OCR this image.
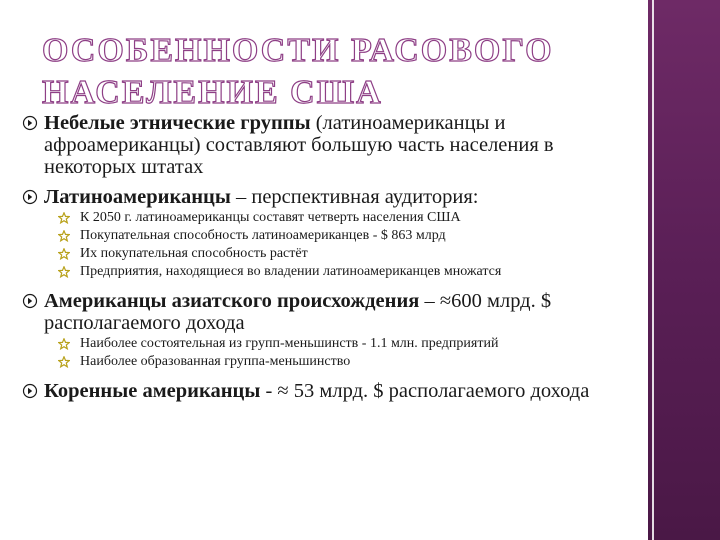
ОСОБЕННОСТИ РАСОВОГО НАСЕЛЕНИЕ США
Небелые этнические группы (латиноамериканцы и афроамериканцы) составляют большую часть населения в некоторых штатах
Латиноамериканцы – перспективная аудитория:
К 2050 г. латиноамериканцы составят четверть населения США
Покупательная способность латиноамериканцев - $ 863 млрд
Их покупательная способность растёт
Предприятия, находящиеся во владении латиноамериканцев множатся
Американцы азиатского происхождения – ≈600 млрд. $ располагаемого дохода
Наиболее состоятельная из групп-меньшинств - 1.1 млн. предприятий
Наиболее образованная группа-меньшинство
Коренные американцы - ≈ 53 млрд. $ располагаемого дохода
